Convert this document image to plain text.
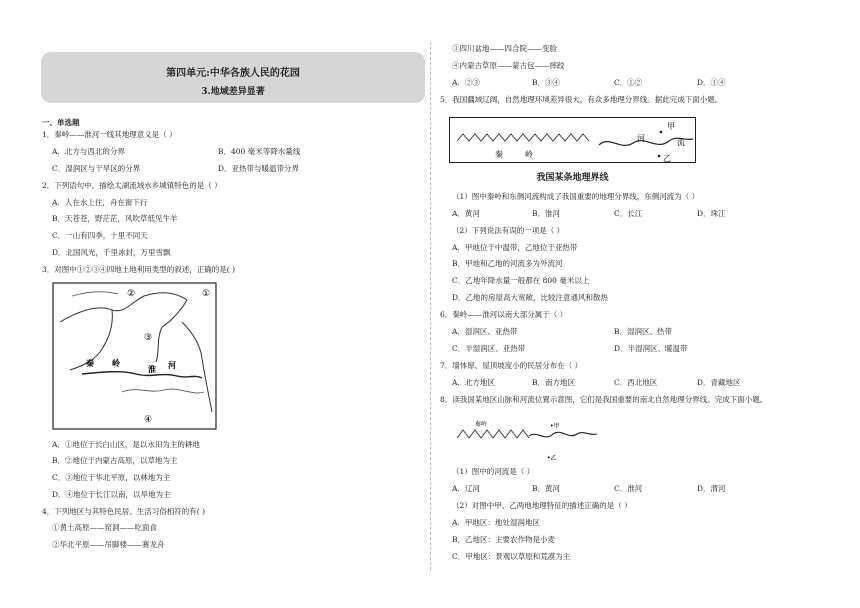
第四单元:中华各族人民的花园
3.地域差异显著
一、单选题
1．秦岭——淮河一线其地理意义是（ ）
A．北方与西北的分界	B．400 毫米等降水量线
C．湿润区与干旱区的分界	D．亚热带与暖温带分界
2．下列语句中，描绘太湖流域水乡城镇特色的是（ ）
A．人在水上住，舟在窗下行
B．天苍苍，野茫茫，风吹草低见牛羊
C．一山有四季，十里不同天
D．北国风光，千里冰封，万里雪飘
3．对图中①②③④四地土地利用类型的叙述，正确的是( )
①
②
③
④
秦 岭
淮 河
A．①地位于长白山区，是以水田为主的耕地
B．②地位于内蒙古高原，以草地为主
C．③地位于华北平原，以林地为主
D．④地位于长江以南，以旱地为主
4．下列地区与其特色民居、生活习俗相符的有( )
①黄土高原——窑洞——吃面食
②华北平原——吊脚楼——赛龙舟
③四川盆地——四合院——变脸
④内蒙古草原——蒙古包——摔跤
A．②③	B．③④	C．①②	D．①④
5．我国疆域辽阔，自然地理环境差异很大，有众多地理分界线。据此完成下面小题。
甲
乙
河	流
秦	岭
我国某条地理界线
（1）图中秦岭和东侧河流构成了我国重要的地理分界线，东侧河流为（ ）
A．黄河	B．淮河	C．长江	D．珠江
（2）下列说法有误的一项是（ ）
A．甲地位于中温带，乙地位于亚热带
B．甲地和乙地的河流多为外流河
C．乙地年降水量一般都在 800 毫米以上
D．乙地的房屋高大宽敞，比较注意通风和散热
6．秦岭——淮河以南大部分属于（ ）
A．湿润区、亚热带	B．湿润区、热带
C．半湿润区、亚热带	D．半湿润区、暖温带
7．墙体厚、屋顶坡度小的民居分布在（ ）
A．北方地区	B．南方地区	C．西北地区	D．青藏地区
8．读我国某地区山脉和河流位置示意图，它们是我国重要的南北自然地理分界线。完成下面小题。
秦岭	•甲
•乙
（1）图中的河流是（ ）
A．辽河	B．黄河	C．淮河	D．渭河
（2）对图中甲、乙两地地理特征的描述正确的是（ ）
A．甲地区：地处湿润地区
B．乙地区：主要农作物是小麦
C．甲地区：景观以草原和荒漠为主
